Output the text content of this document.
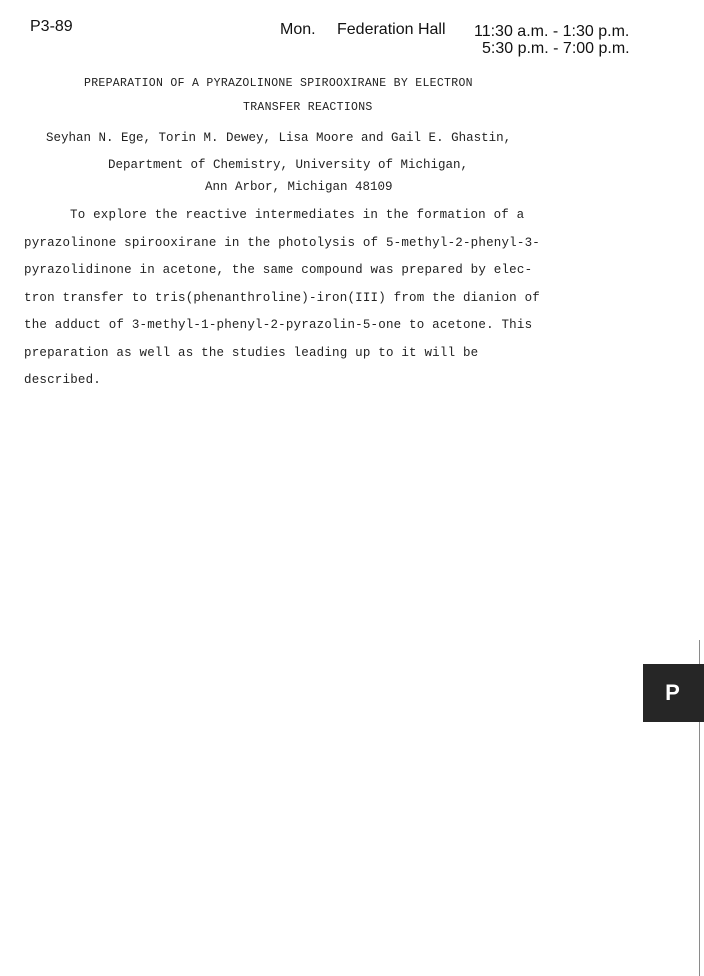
P3-89	Mon. Federation Hall 11:30 a.m. - 1:30 p.m.
5:30 p.m. - 7:00 p.m.
PREPARATION OF A PYRAZOLINONE SPIROOXIRANE BY ELECTRON
TRANSFER REACTIONS
Seyhan N. Ege, Torin M. Dewey, Lisa Moore and Gail E. Ghastin,
Department of Chemistry, University of Michigan,
Ann Arbor, Michigan 48109
To explore the reactive intermediates in the formation of a
pyrazolinone spirooxirane in the photolysis of 5-methyl-2-phenyl-3-
pyrazolidinone in acetone, the same compound was prepared by elec-
tron transfer to tris(phenanthroline)-iron(III) from the dianion of
the adduct of 3-methyl-1-phenyl-2-pyrazolin-5-one to acetone. This
preparation as well as the studies leading up to it will be
described.
P
